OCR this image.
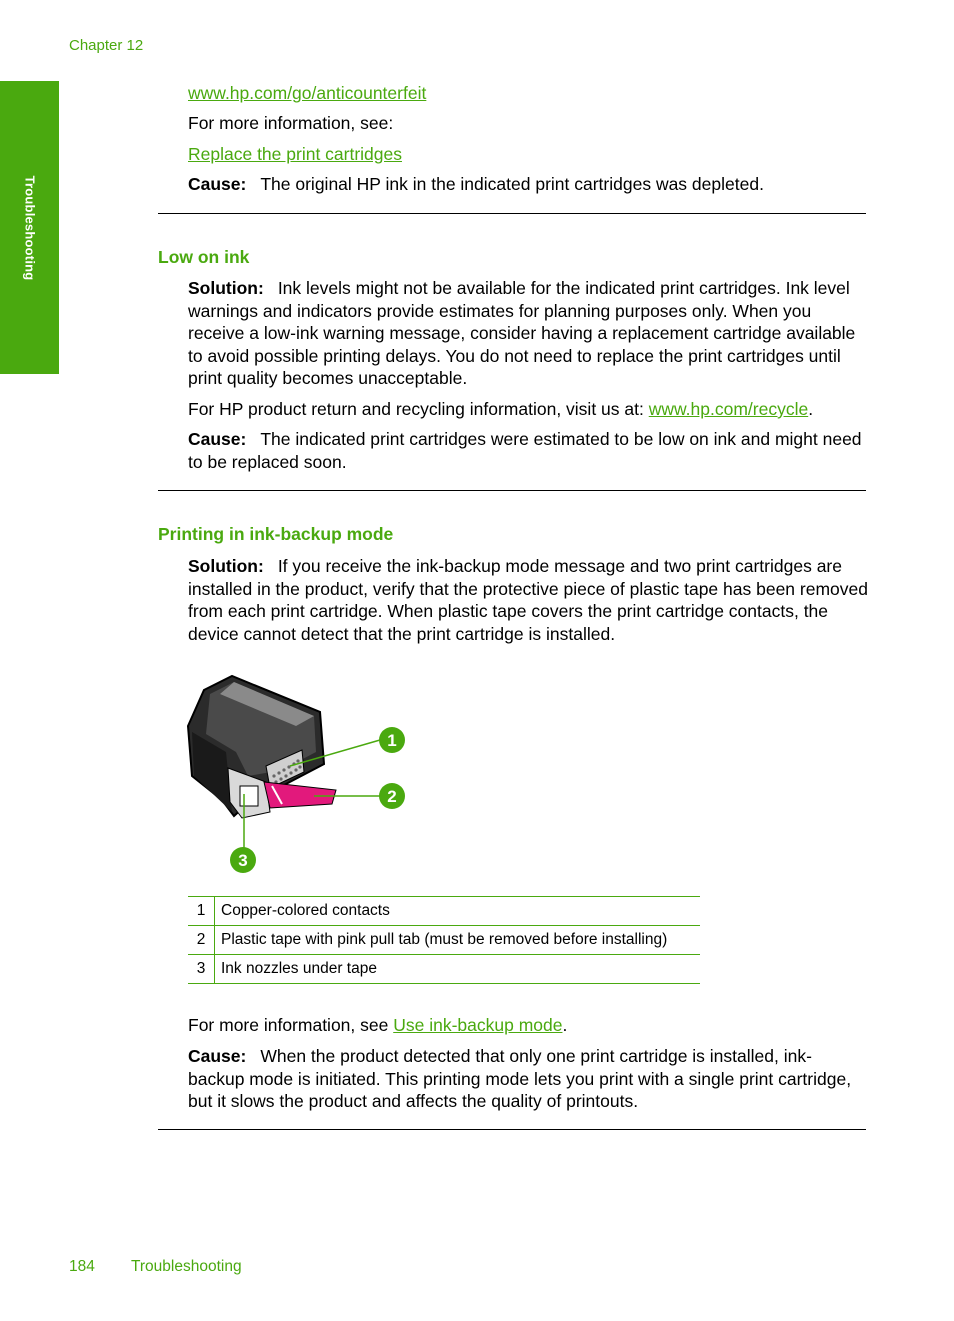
Chapter 12
Troubleshooting
www.hp.com/go/anticounterfeit
For more information, see:
Replace the print cartridges
Cause: The original HP ink in the indicated print cartridges was depleted.
Low on ink
Solution: Ink levels might not be available for the indicated print cartridges. Ink level warnings and indicators provide estimates for planning purposes only. When you receive a low-ink warning message, consider having a replacement cartridge available to avoid possible printing delays. You do not need to replace the print cartridges until print quality becomes unacceptable.
For HP product return and recycling information, visit us at: www.hp.com/recycle.
Cause: The indicated print cartridges were estimated to be low on ink and might need to be replaced soon.
Printing in ink-backup mode
Solution: If you receive the ink-backup mode message and two print cartridges are installed in the product, verify that the protective piece of plastic tape has been removed from each print cartridge. When plastic tape covers the print cartridge contacts, the device cannot detect that the print cartridge is installed.
1
2
3
1	Copper-colored contacts
2	Plastic tape with pink pull tab (must be removed before installing)
3	Ink nozzles under tape
For more information, see Use ink-backup mode.
Cause: When the product detected that only one print cartridge is installed, ink-backup mode is initiated. This printing mode lets you print with a single print cartridge, but it slows the product and affects the quality of printouts.
184 Troubleshooting
